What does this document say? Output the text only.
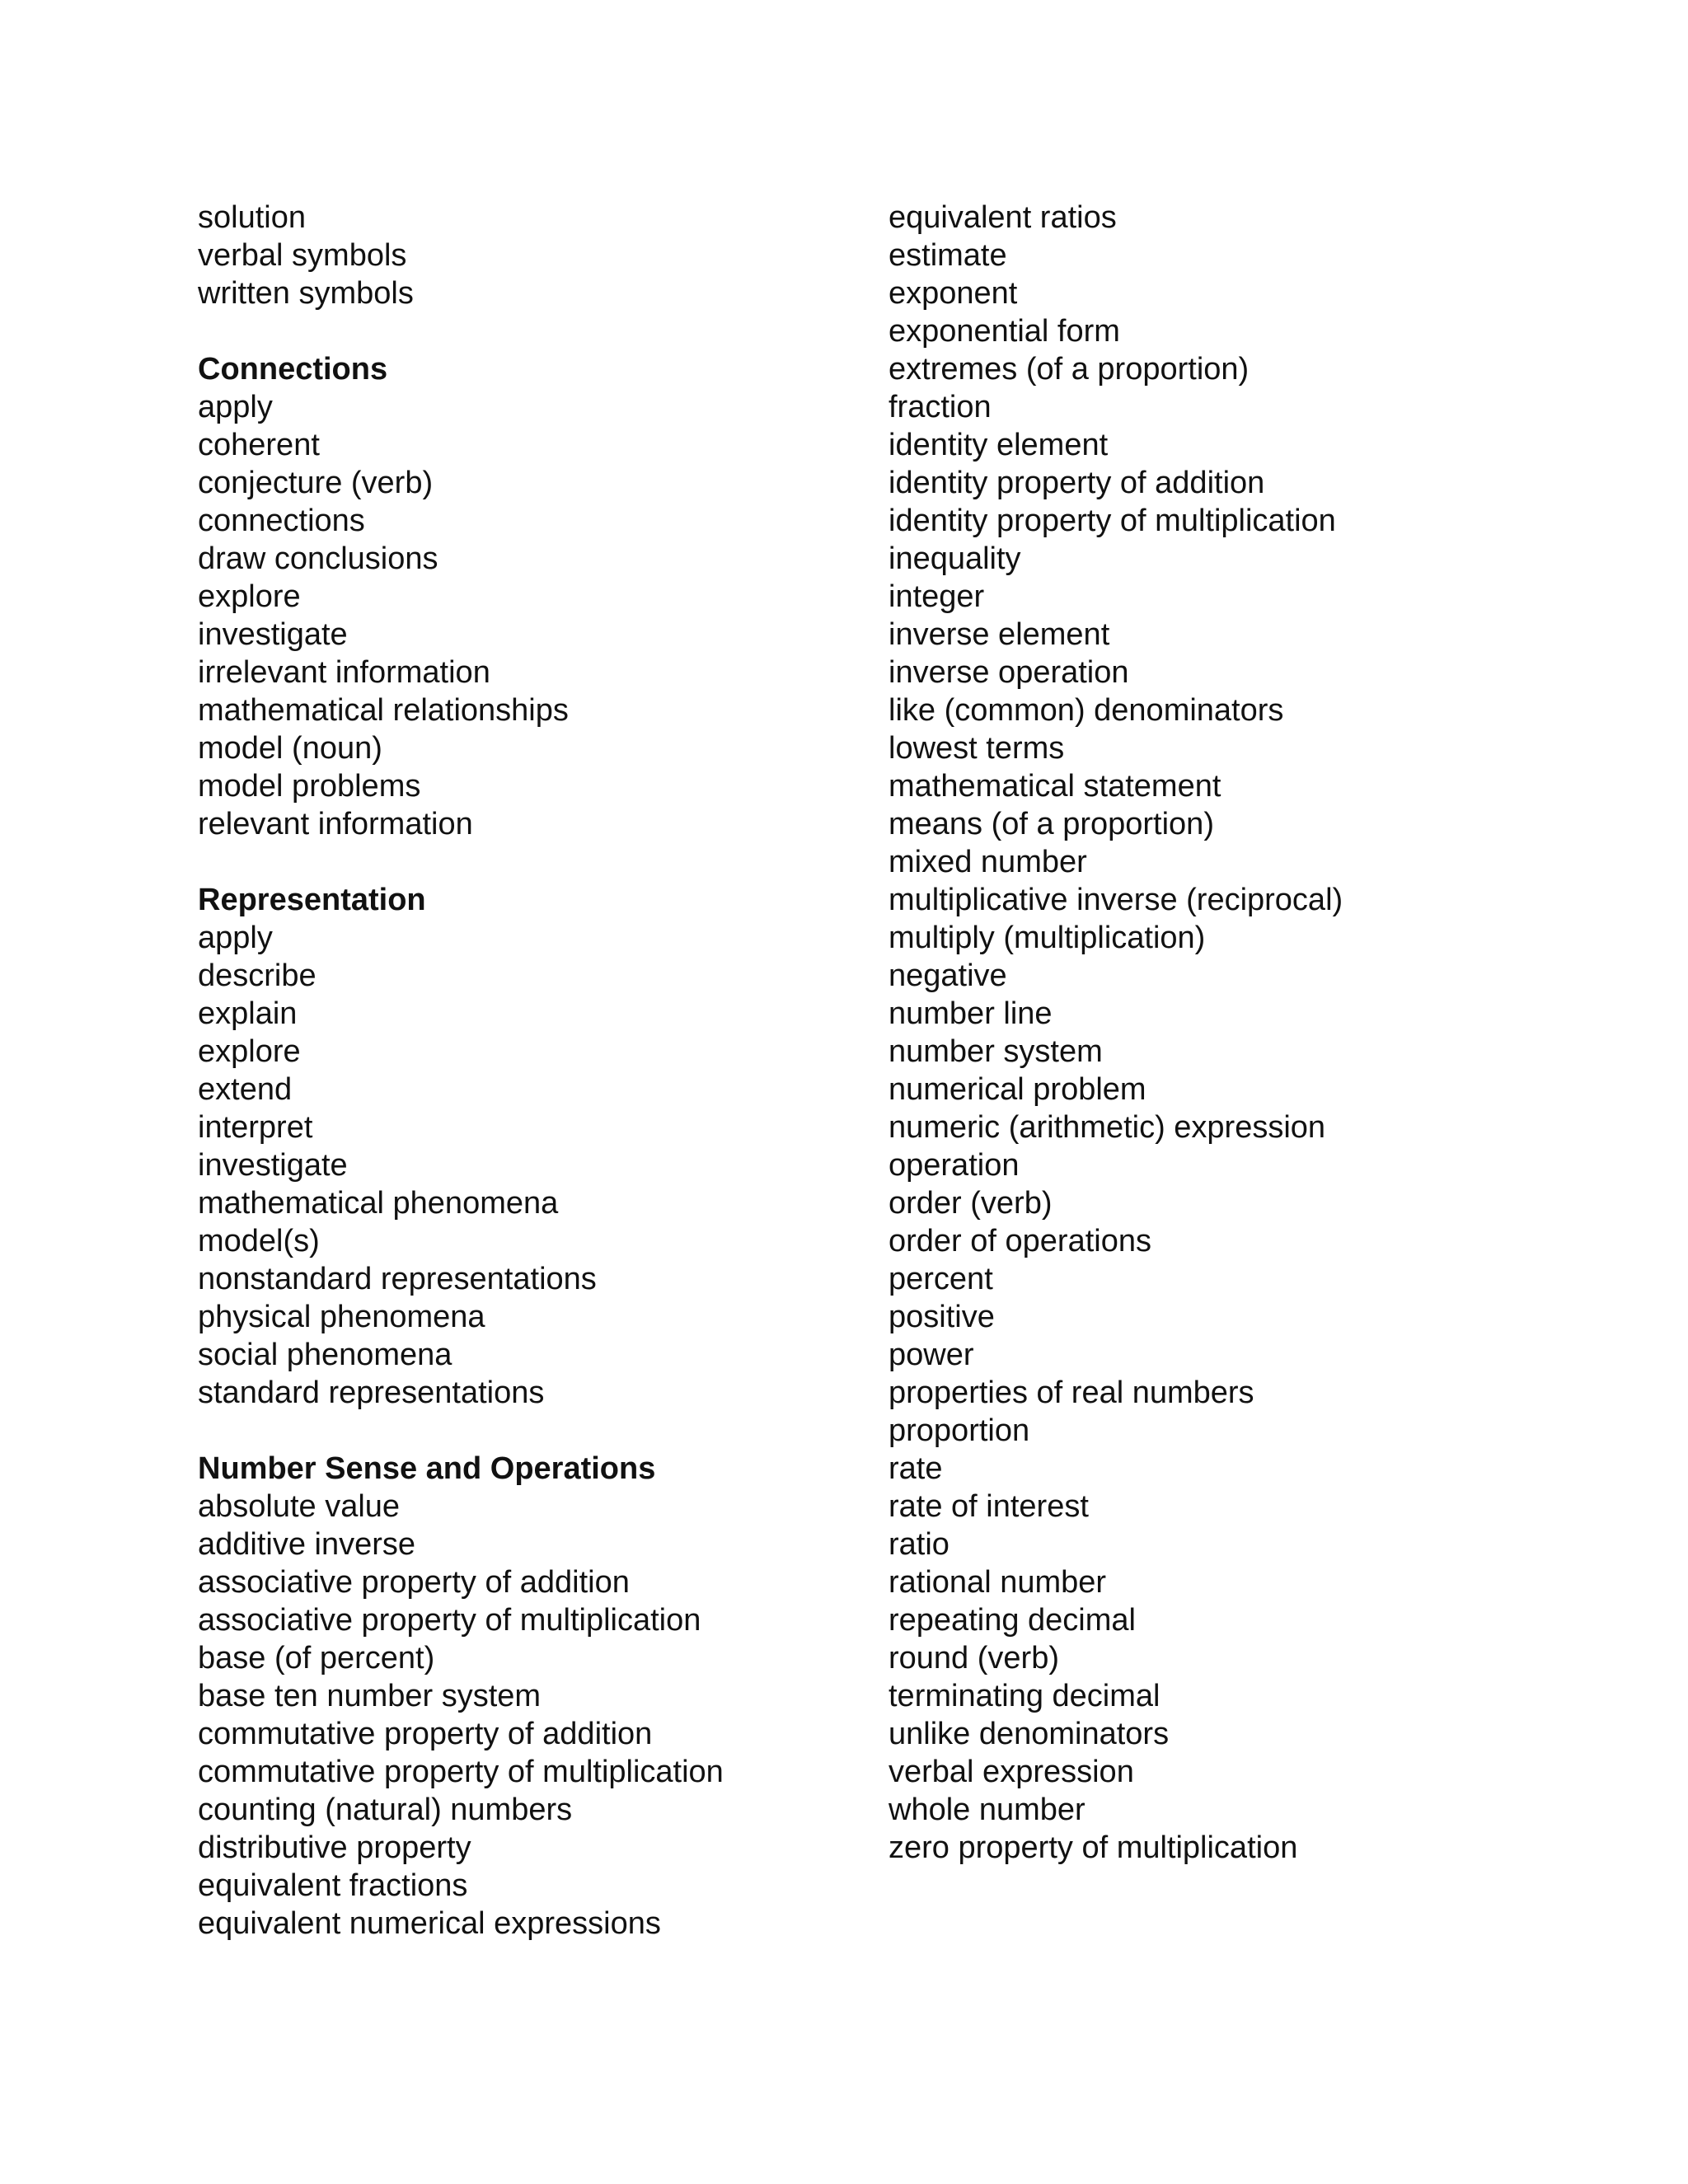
solution
verbal symbols
written symbols
Connections
apply
coherent
conjecture (verb)
connections
draw conclusions
explore
investigate
irrelevant information
mathematical relationships
model (noun)
model problems
relevant information
Representation
apply
describe
explain
explore
extend
interpret
investigate
mathematical phenomena
model(s)
nonstandard representations
physical phenomena
social phenomena
standard representations
Number Sense and Operations
absolute value
additive inverse
associative property of addition
associative property of multiplication
base (of percent)
base ten number system
commutative property of addition
commutative property of multiplication
counting (natural) numbers
distributive property
equivalent fractions
equivalent numerical expressions
equivalent ratios
estimate
exponent
exponential form
extremes (of a proportion)
fraction
identity element
identity property of addition
identity property of multiplication
inequality
integer
inverse element
inverse operation
like (common) denominators
lowest terms
mathematical statement
means (of a proportion)
mixed number
multiplicative inverse (reciprocal)
multiply (multiplication)
negative
number line
number system
numerical problem
numeric (arithmetic) expression
operation
order (verb)
order of operations
percent
positive
power
properties of real numbers
proportion
rate
rate of interest
ratio
rational number
repeating decimal
round (verb)
terminating decimal
unlike denominators
verbal expression
whole number
zero property of multiplication
